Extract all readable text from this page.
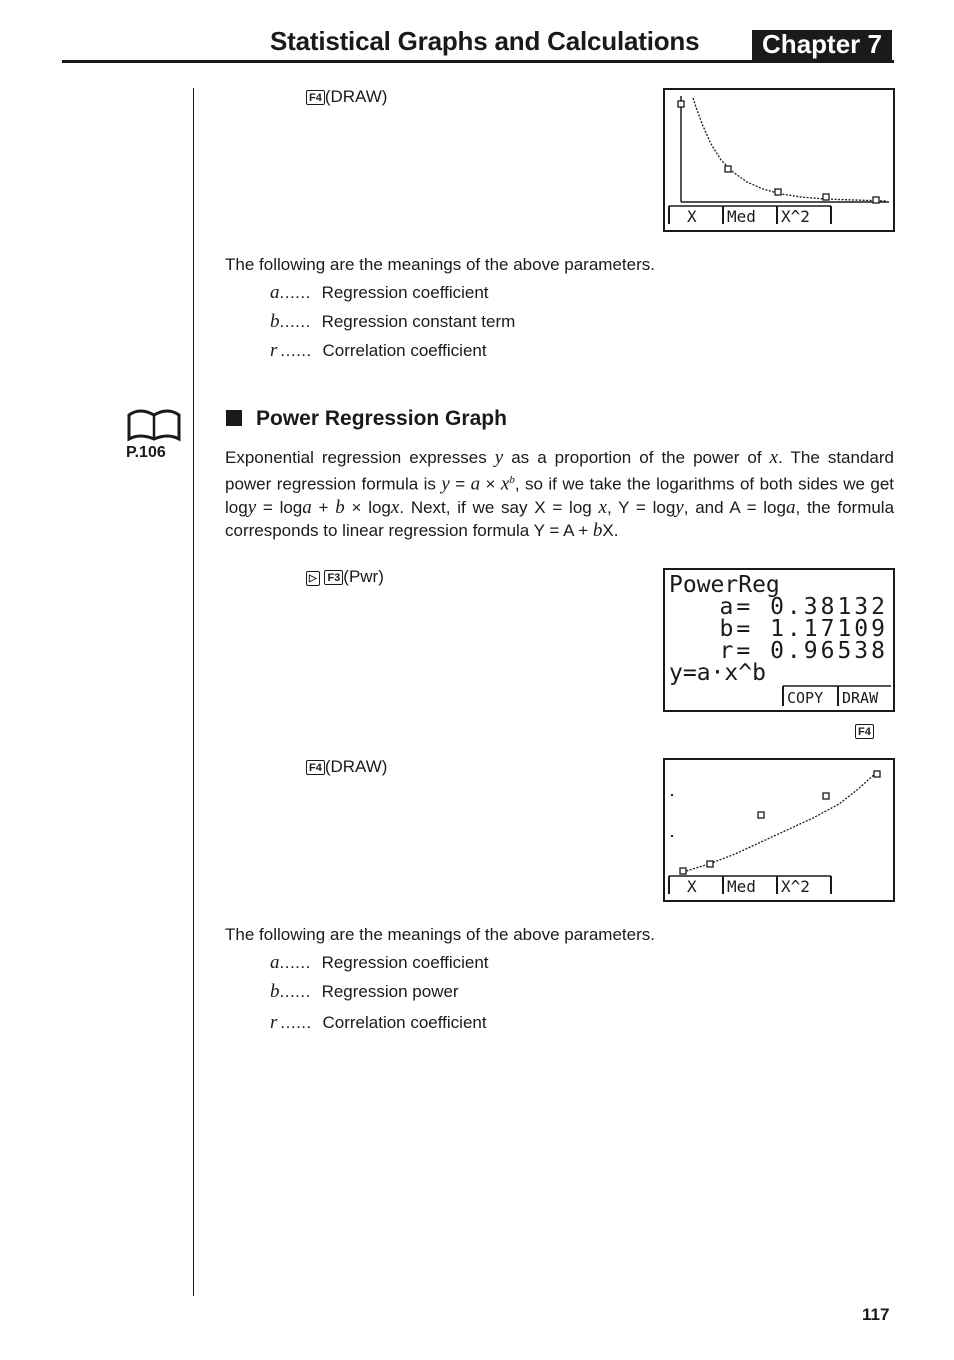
Statistical Graphs and Calculations	Chapter 7
F4 (DRAW)
X Med X^2
The following are the meanings of the above parameters.
a...... Regression coefficient
b...... Regression constant term
r ...... Correlation coefficient
P.106
Power Regression Graph
Exponential regression expresses y as a proportion of the power of x. The standard power regression formula is $y = a \times x^b$, so if we take the logarithms of both sides we get logy = loga + b × logx. Next, if we say X = log x, Y = logy, and A = loga, the formula corresponds to linear regression formula Y = A + bX.
▷ F3 (Pwr)	PowerReg
a= 0.38132
b= 1.17109
r= 0.96538
y=a·x^b
COPY DRAW
F4
F4 (DRAW)
X Med X^2
The following are the meanings of the above parameters.
a...... Regression coefficient
b...... Regression power
r ...... Correlation coefficient
117
